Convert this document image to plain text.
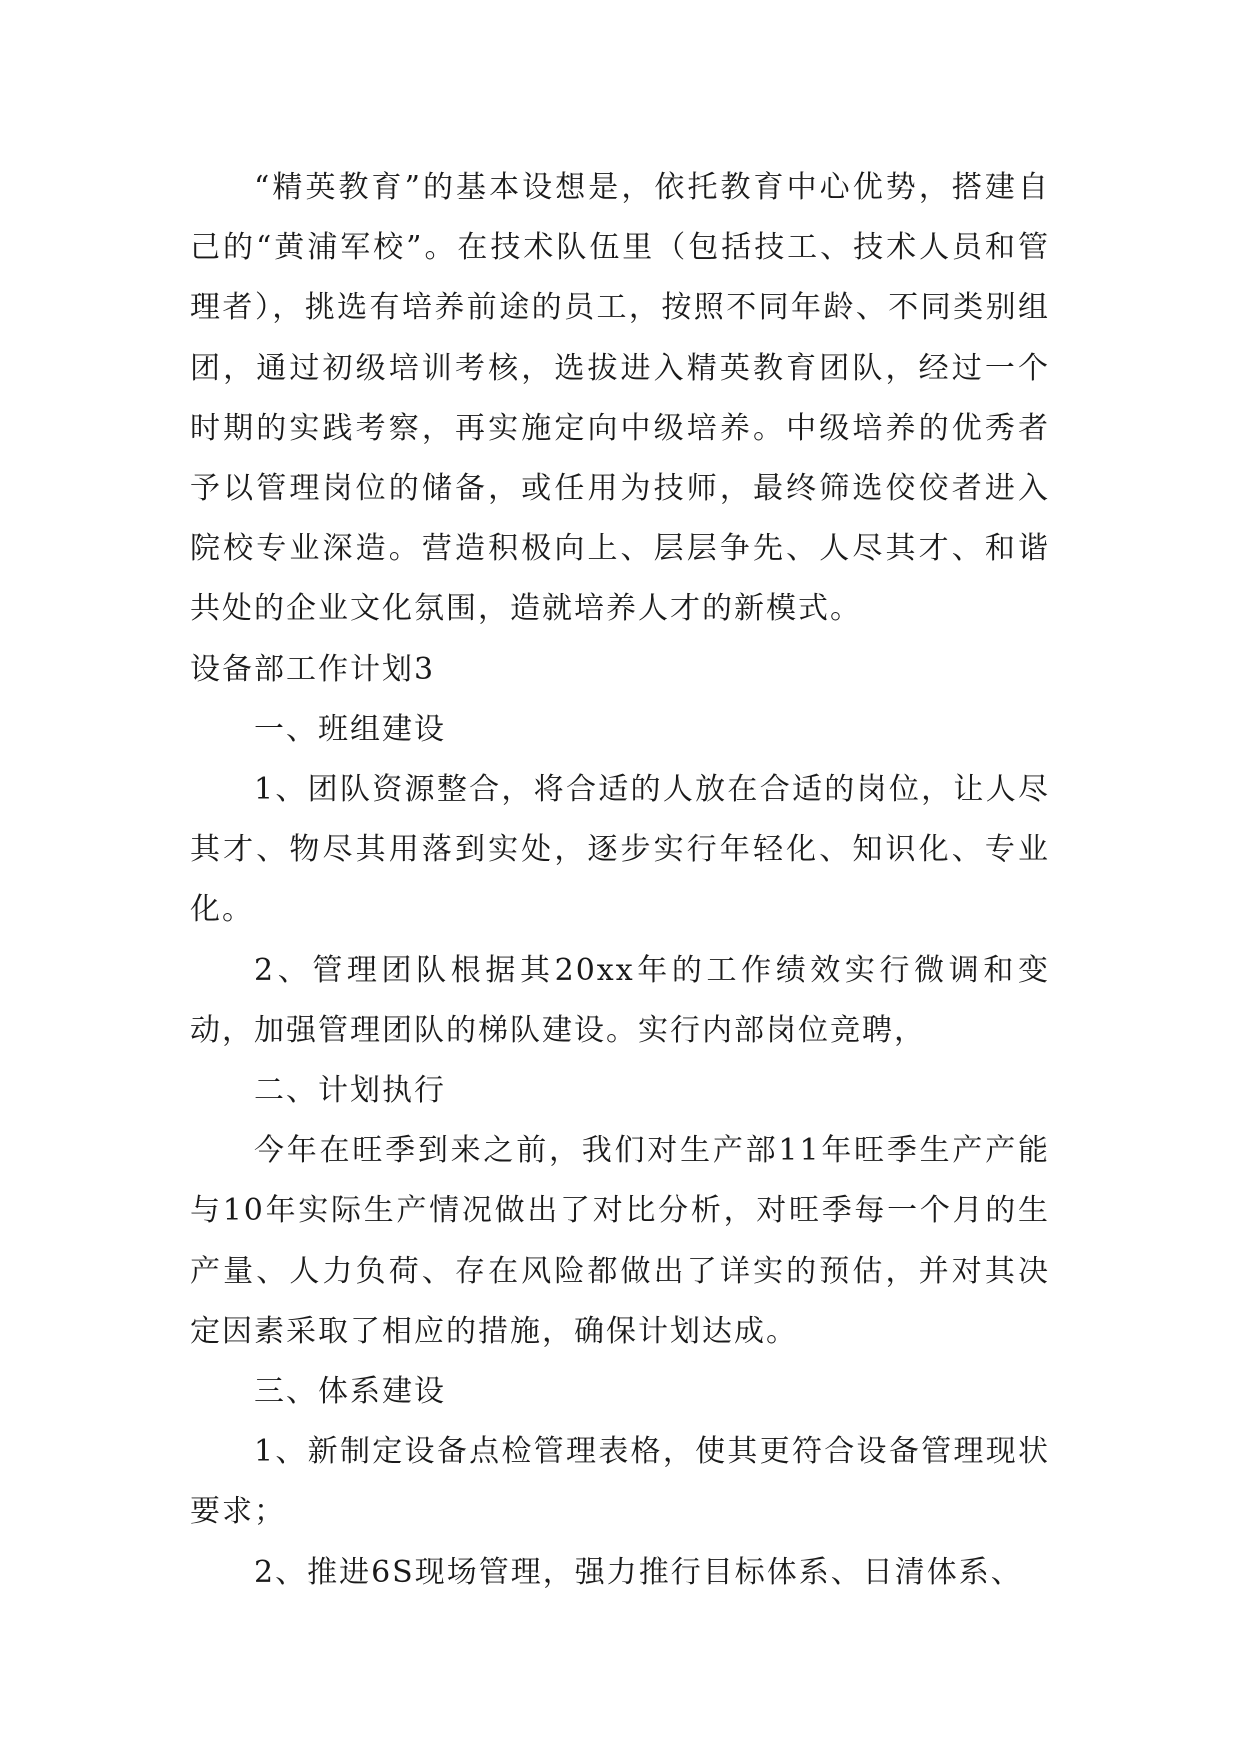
“精英教育”的基本设想是，依托教育中心优势，搭建自己的“黄浦军校”。在技术队伍里（包括技工、技术人员和管理者），挑选有培养前途的员工，按照不同年龄、不同类别组团，通过初级培训考核，选拔进入精英教育团队，经过一个时期的实践考察，再实施定向中级培养。中级培养的优秀者予以管理岗位的储备，或任用为技师，最终筛选佼佼者进入院校专业深造。营造积极向上、层层争先、人尽其才、和谐共处的企业文化氛围，造就培养人才的新模式。

设备部工作计划3

一、班组建设

1、团队资源整合，将合适的人放在合适的岗位，让人尽其才、物尽其用落到实处，逐步实行年轻化、知识化、专业化。

2、管理团队根据其20xx年的工作绩效实行微调和变动，加强管理团队的梯队建设。实行内部岗位竞聘，

二、计划执行

今年在旺季到来之前，我们对生产部11年旺季生产产能与10年实际生产情况做出了对比分析，对旺季每一个月的生产量、人力负荷、存在风险都做出了详实的预估，并对其决定因素采取了相应的措施，确保计划达成。

三、体系建设

1、新制定设备点检管理表格，使其更符合设备管理现状要求；

2、推进6S现场管理，强力推行目标体系、日清体系、
